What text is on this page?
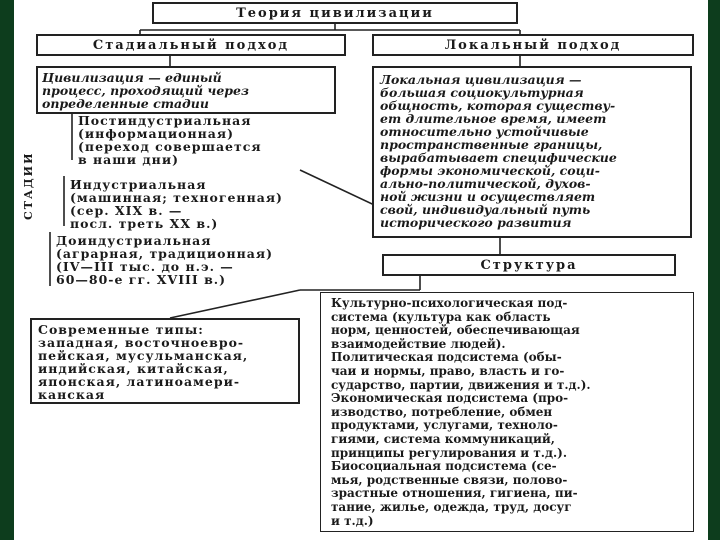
Теория цивилизации
Стадиальный подход	Локальный подход
Цивилизация — единый
процесс, проходящий через
определенные стадии
СТАДИИ
Постиндустриальная
(информационная)
(переход совершается
в наши дни)
Индустриальная
(машинная; техногенная)
(сер. XIX в. —
посл. треть XX в.)
Доиндустриальная
(аграрная, традиционная)
(IV—III тыс. до н.э. —
60—80-е гг. XVIII в.)
Локальная цивилизация —
большая социокультурная
общность, которая существу-
ет длительное время, имеет
относительно устойчивые
пространственные границы,
вырабатывает специфические
формы экономической, соци-
ально-политической, духов-
ной жизни и осуществляет
свой, индивидуальный путь
исторического развития
Структура
Культурно-психологическая под-
система (культура как область
норм, ценностей, обеспечивающая
взаимодействие людей).
Политическая подсистема (обы-
чаи и нормы, право, власть и го-
сударство, партии, движения и т.д.).
Экономическая подсистема (про-
изводство, потребление, обмен
продуктами, услугами, техноло-
гиями, система коммуникаций,
принципы регулирования и т.д.).
Биосоциальная подсистема (се-
мья, родственные связи, полово-
зрастные отношения, гигиена, пи-
тание, жилье, одежда, труд, досуг
и т.д.)
Современные типы:
западная, восточноевро-
пейская, мусульманская,
индийская, китайская,
японская, латиноамери-
канская
